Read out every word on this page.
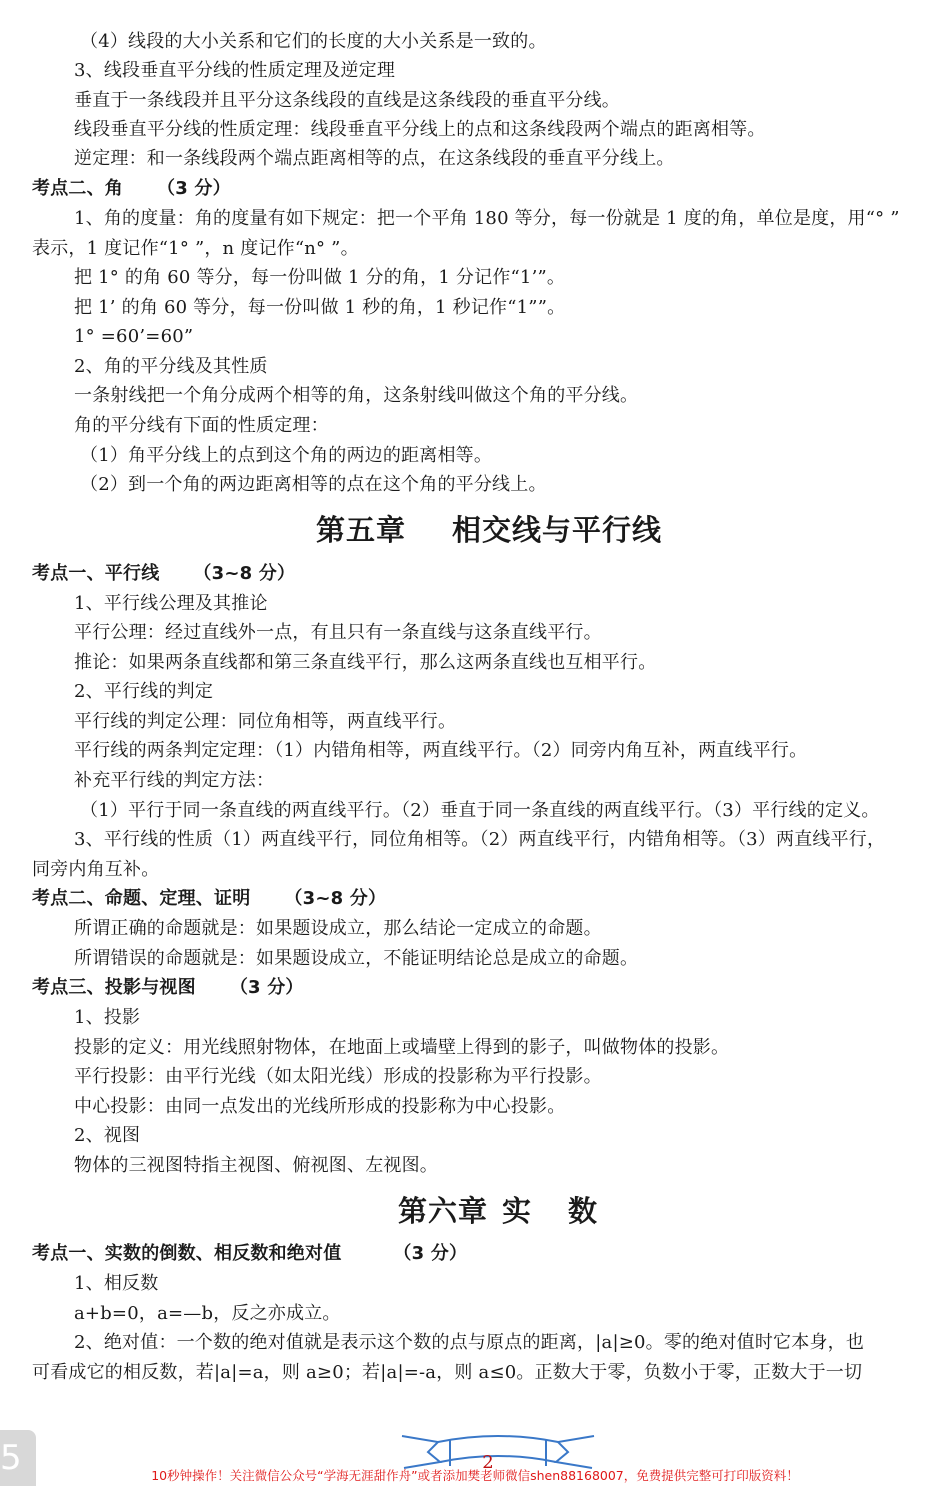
（4）线段的大小关系和它们的长度的大小关系是一致的。
3、线段垂直平分线的性质定理及逆定理
垂直于一条线段并且平分这条线段的直线是这条线段的垂直平分线。
线段垂直平分线的性质定理：线段垂直平分线上的点和这条线段两个端点的距离相等。
逆定理：和一条线段两个端点距离相等的点，在这条线段的垂直平分线上。
考点二、角 （3 分）
1、角的度量：角的度量有如下规定：把一个平角 180 等分，每一份就是 1 度的角，单位是度，用“° ”
表示，1 度记作“1° ”，n 度记作“n° ”。
把 1° 的角 60 等分，每一份叫做 1 分的角，1 分记作“1’”。
把 1’ 的角 60 等分，每一份叫做 1 秒的角，1 秒记作“1””。
1° =60’=60”
2、角的平分线及其性质
一条射线把一个角分成两个相等的角，这条射线叫做这个角的平分线。
角的平分线有下面的性质定理：
（1）角平分线上的点到这个角的两边的距离相等。
（2）到一个角的两边距离相等的点在这个角的平分线上。
第五章 相交线与平行线
考点一、平行线 （3~8 分）
1、平行线公理及其推论
平行公理：经过直线外一点，有且只有一条直线与这条直线平行。
推论：如果两条直线都和第三条直线平行，那么这两条直线也互相平行。
2、平行线的判定
平行线的判定公理：同位角相等，两直线平行。
平行线的两条判定定理：（1）内错角相等，两直线平行。（2）同旁内角互补，两直线平行。
补充平行线的判定方法：
（1）平行于同一条直线的两直线平行。（2）垂直于同一条直线的两直线平行。（3）平行线的定义。
3、平行线的性质（1）两直线平行，同位角相等。（2）两直线平行，内错角相等。（3）两直线平行，
同旁内角互补。
考点二、命题、定理、证明 （3~8 分）
所谓正确的命题就是：如果题设成立，那么结论一定成立的命题。
所谓错误的命题就是：如果题设成立，不能证明结论总是成立的命题。
考点三、投影与视图 （3 分）
1、投影
投影的定义：用光线照射物体，在地面上或墙壁上得到的影子，叫做物体的投影。
平行投影：由平行光线（如太阳光线）形成的投影称为平行投影。
中心投影：由同一点发出的光线所形成的投影称为中心投影。
2、视图
物体的三视图特指主视图、俯视图、左视图。
第六章 实 数
考点一、实数的倒数、相反数和绝对值	（3 分）
1、相反数
a+b=0，a=—b，反之亦成立。
2、绝对值：一个数的绝对值就是表示这个数的点与原点的距离，|a|≥0。零的绝对值时它本身，也
可看成它的相反数，若|a|=a，则 a≥0；若|a|=-a，则 a≤0。正数大于零，负数小于零，正数大于一切
5	2
10秒钟操作！关注微信公众号“学海无涯甜作舟”或者添加樊老师微信shen88168007，免费提供完整可打印版资料！
